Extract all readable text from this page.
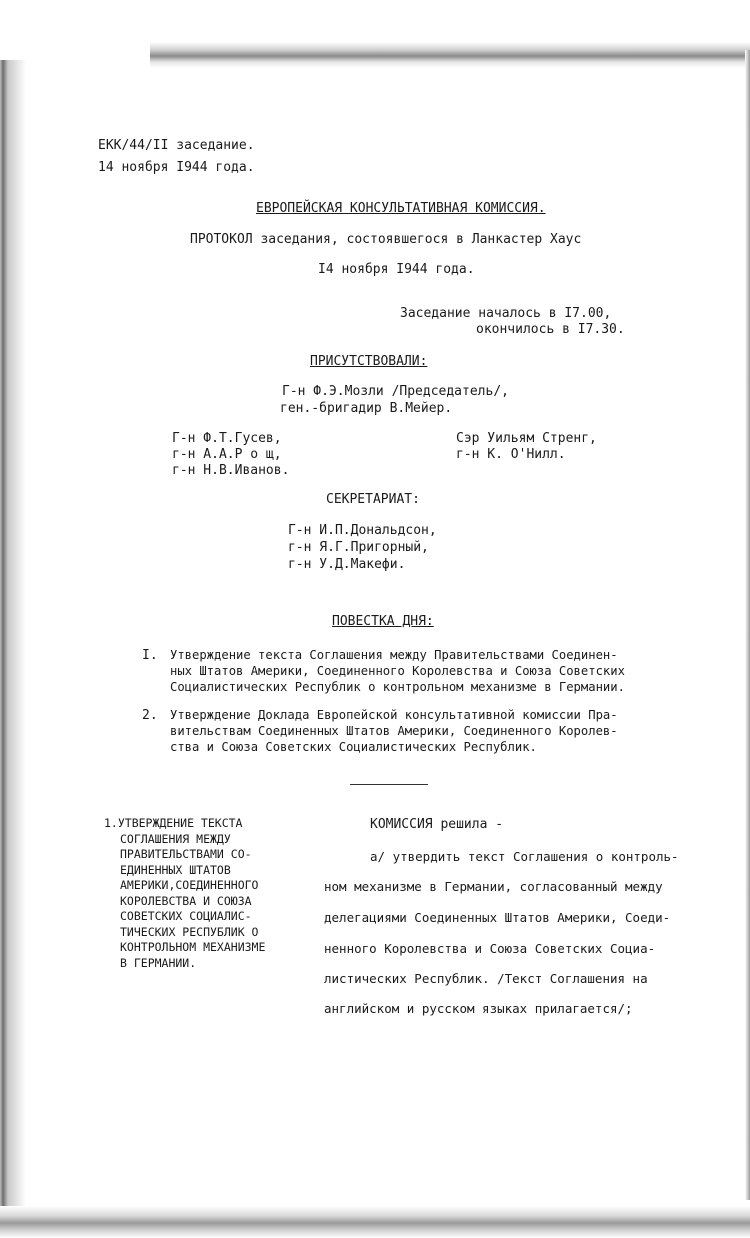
ЕКК/44/II заседание.
14 ноября I944 года.
ЕВРОПЕЙСКАЯ КОНСУЛЬТАТИВНАЯ КОМИССИЯ.
ПРОТОКОЛ заседания, состоявшегося в Ланкастер Хаус
I4 ноября I944 года.
Заседание началось в I7.00,
окончилось в I7.30.
ПРИСУТСТВОВАЛИ:
Г-н Ф.Э.Мозли /Председатель/,
ген.-бригадир В.Мейер.
Г-н Ф.Т.Гусев,
г-н А.А.Р о щ,
г-н Н.В.Иванов.
Сэр Уильям Стренг,
г-н К. О'Нилл.
СЕКРЕТАРИАТ:
Г-н И.П.Дональдсон,
г-н Я.Г.Пригорный,
г-н У.Д.Макефи.
ПОВЕСТКА ДНЯ:
I. Утверждение текста Соглашения между Правительствами Соединен-
ных Штатов Америки, Соединенного Королевства и Союза Советских
Социалистических Республик о контрольном механизме в Германии.
2. Утверждение Доклада Европейской консультативной комиссии Пра-
вительствам Соединенных Штатов Америки, Соединенного Королев-
ства и Союза Советских Социалистических Республик.
1.УТВЕРЖДЕНИЕ ТЕКСТА
СОГЛАШЕНИЯ МЕЖДУ
ПРАВИТЕЛЬСТВАМИ СО-
ЕДИНЕННЫХ ШТАТОВ
АМЕРИКИ,СОЕДИНЕННОГО
КОРОЛЕВСТВА И СОЮЗА
СОВЕТСКИХ СОЦИАЛИС-
ТИЧЕСКИХ РЕСПУБЛИК О
КОНТРОЛЬНОМ МЕХАНИЗМЕ
В ГЕРМАНИИ.
КОМИССИЯ решила -
а/ утвердить текст Соглашения о контроль-
ном механизме в Германии, согласованный между
делегациями Соединенных Штатов Америки, Соеди-
ненного Королевства и Союза Советских Социа-
листических Республик. /Текст Соглашения на
английском и русском языках прилагается/;
